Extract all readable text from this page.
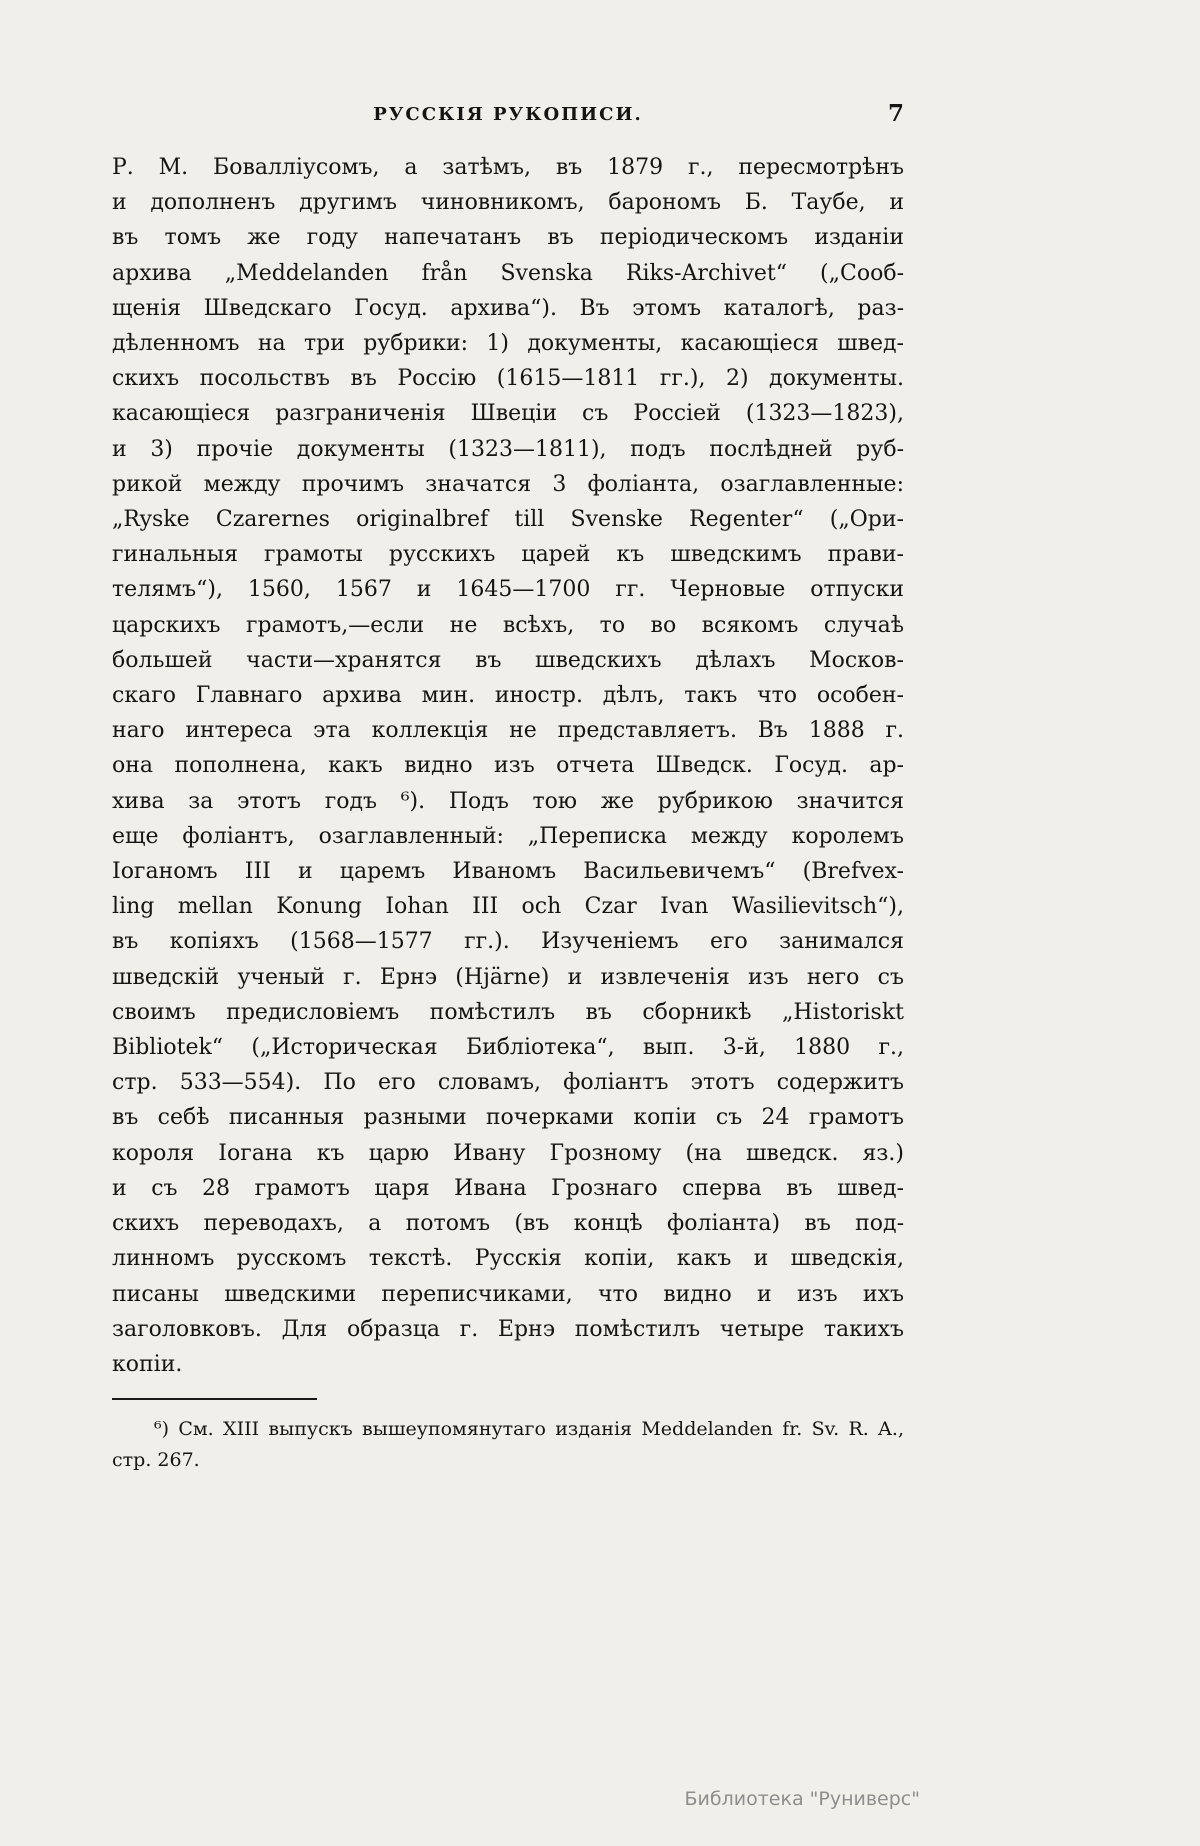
РУССКІЯ РУКОПИСИ.	7
Р. М. Бовалліусомъ, а затѣмъ, въ 1879 г., пересмотрѣнъ
и дополненъ другимъ чиновникомъ, барономъ Б. Таубе, и
въ томъ же году напечатанъ въ періодическомъ изданіи
архива „Meddelanden från Svenska Riks-Archivet“ („Сооб-
щенія Шведскаго Госуд. архива“). Въ этомъ каталогѣ, раз-
дѣленномъ на три рубрики: 1) документы, касающіеся швед-
скихъ посольствъ въ Россію (1615—1811 гг.), 2) документы.
касающіеся разграниченія Швеціи съ Россіей (1323—1823),
и 3) прочіе документы (1323—1811), подъ послѣдней руб-
рикой между прочимъ значатся 3 фоліанта, озаглавленные:
„Ryske Czarernes originalbref till Svenske Regenter“ („Ори-
гинальныя грамоты русскихъ царей къ шведскимъ прави-
телямъ“), 1560, 1567 и 1645—1700 гг. Черновые отпуски
царскихъ грамотъ,—если не всѣхъ, то во всякомъ случаѣ
большей части—хранятся въ шведскихъ дѣлахъ Москов-
скаго Главнаго архива мин. иностр. дѣлъ, такъ что особен-
наго интереса эта коллекція не представляетъ. Въ 1888 г.
она пополнена, какъ видно изъ отчета Шведск. Госуд. ар-
хива за этотъ годъ ⁶). Подъ тою же рубрикою значится
еще фоліантъ, озаглавленный: „Переписка между королемъ
Іоганомъ III и царемъ Иваномъ Васильевичемъ“ (Brefvex-
ling mellan Konung Iohan III och Czar Ivan Wasilievitsch“),
въ копіяхъ (1568—1577 гг.). Изученіемъ его занимался
шведскій ученый г. Ернэ (Hjärne) и извлеченія изъ него съ
своимъ предисловіемъ помѣстилъ въ сборникѣ „Historiskt
Bibliotek“ („Историческая Библіотека“, вып. 3-й, 1880 г.,
стр. 533—554). По его словамъ, фоліантъ этотъ содержитъ
въ себѣ писанныя разными почерками копіи съ 24 грамотъ
короля Іогана къ царю Ивану Грозному (на шведск. яз.)
и съ 28 грамотъ царя Ивана Грознаго сперва въ швед-
скихъ переводахъ, а потомъ (въ концѣ фоліанта) въ под-
линномъ русскомъ текстѣ. Русскія копіи, какъ и шведскія,
писаны шведскими переписчиками, что видно и изъ ихъ
заголовковъ. Для образца г. Ернэ помѣстилъ четыре такихъ
копіи.

⁶) См. XIII выпускъ вышеупомянутаго изданія Meddelanden fr. Sv. R. A., стр. 267.

Библиотека "Руниверс"
